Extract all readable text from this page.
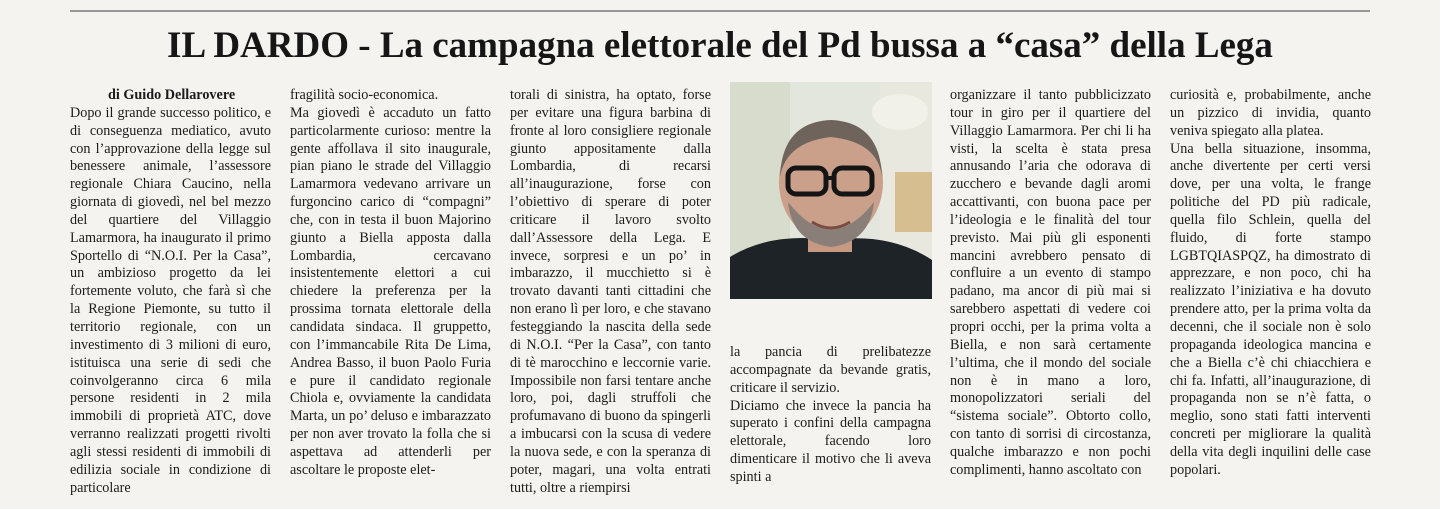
IL DARDO - La campagna elettorale del Pd bussa a “casa” della Lega

di Guido Dellarovere

Dopo il grande successo politico, e di conseguenza mediatico, avuto con l’approvazione della legge sul benessere animale, l’assessore regionale Chiara Caucino, nella giornata di giovedì, nel bel mezzo del quartiere del Villaggio Lamarmora, ha inaugurato il primo Sportello di “N.O.I. Per la Casa”, un ambizioso progetto da lei fortemente voluto, che farà sì che la Regione Piemonte, su tutto il territorio regionale, con un investimento di 3 milioni di euro, istituisca una serie di sedi che coinvolgeranno circa 6 mila persone residenti in 2 mila immobili di proprietà ATC, dove verranno realizzati progetti rivolti agli stessi residenti di immobili di edilizia sociale in condizione di particolare

fragilità socio-economica.

Ma giovedì è accaduto un fatto particolarmente curioso: mentre la gente affollava il sito inaugurale, pian piano le strade del Villaggio Lamarmora vedevano arrivare un furgoncino carico di “compagni” che, con in testa il buon Majorino giunto a Biella apposta dalla Lombardia, cercavano insistentemente elettori a cui chiedere la preferenza per la prossima tornata elettorale della candidata sindaca. Il gruppetto, con l’immancabile Rita De Lima, Andrea Basso, il buon Paolo Furia e pure il candidato regionale Chiola e, ovviamente la candidata Marta, un po’ deluso e imbarazzato per non aver trovato la folla che si aspettava ad attenderli per ascoltare le proposte elet-

torali di sinistra, ha optato, forse per evitare una figura barbina di fronte al loro consigliere regionale giunto appositamente dalla Lombardia, di recarsi all’inaugurazione, forse con l’obiettivo di sperare di poter criticare il lavoro svolto dall’Assessore della Lega. E invece, sorpresi e un po’ in imbarazzo, il mucchietto si è trovato davanti tanti cittadini che non erano lì per loro, e che stavano festeggiando la nascita della sede di N.O.I. “Per la Casa”, con tanto di tè marocchino e leccornie varie. Impossibile non farsi tentare anche loro, poi, dagli struffoli che profumavano di buono da spingerli a imbucarsi con la scusa di vedere la nuova sede, e con la speranza di poter, magari, una volta entrati tutti, oltre a riempirsi

la pancia di prelibatezze accompagnate da bevande gratis, criticare il servizio.

Diciamo che invece la pancia ha superato i confini della campagna elettorale, facendo loro dimenticare il motivo che li aveva spinti a

organizzare il tanto pubblicizzato tour in giro per il quartiere del Villaggio Lamarmora. Per chi li ha visti, la scelta è stata presa annusando l’aria che odorava di zucchero e bevande dagli aromi accattivanti, con buona pace per l’ideologia e le finalità del tour previsto. Mai più gli esponenti mancini avrebbero pensato di confluire a un evento di stampo padano, ma ancor di più mai si sarebbero aspettati di vedere coi propri occhi, per la prima volta a Biella, e non sarà certamente l’ultima, che il mondo del sociale non è in mano a loro, monopolizzatori seriali del “sistema sociale”. Obtorto collo, con tanto di sorrisi di circostanza, qualche imbarazzo e non pochi complimenti, hanno ascoltato con

curiosità e, probabilmente, anche un pizzico di invidia, quanto veniva spiegato alla platea.

Una bella situazione, insomma, anche divertente per certi versi dove, per una volta, le frange politiche del PD più radicale, quella filo Schlein, quella del fluido, di forte stampo LGBTQIASPQZ, ha dimostrato di apprezzare, e non poco, chi ha realizzato l’iniziativa e ha dovuto prendere atto, per la prima volta da decenni, che il sociale non è solo propaganda ideologica mancina e che a Biella c’è chi chiacchiera e chi fa. Infatti, all’inaugurazione, di propaganda non se n’è fatta, o meglio, sono stati fatti interventi concreti per migliorare la qualità della vita degli inquilini delle case popolari.
